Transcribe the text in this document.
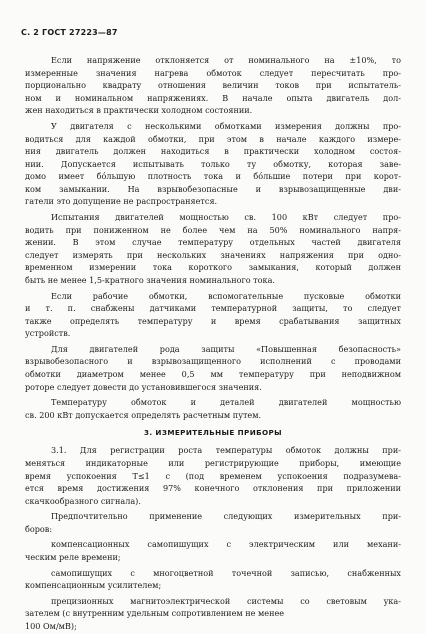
С. 2 ГОСТ 27223—87
Если напряжение отклоняется от номинального на ±10%, то
измеренные значения нагрева обмоток следует пересчитать про-
порционально квадрату отношения величин токов при испытатель-
ном и номинальном напряжениях. В начале опыта двигатель дол-
жен находиться в практически холодном состоянии.
У двигателя с несколькими обмотками измерения должны про-
водиться для каждой обмотки, при этом в начале каждого измере-
ния двигатель должен находиться в практически холодном состоя-
нии. Допускается испытывать только ту обмотку, которая заве-
домо имеет бóльшую плотность тока и бóльшие потери при корот-
ком замыкании. На взрывобезопасные и взрывозащищенные дви-
гатели это допущение не распространяется.
Испытания двигателей мощностью св. 100 кВт следует про-
водить при пониженном не более чем на 50% номинального напря-
жении. В этом случае температуру отдельных частей двигателя
следует измерять при нескольких значениях напряжения при одно-
временном измерении тока короткого замыкания, который должен
быть не менее 1,5-кратного значения номинального тока.
Если рабочие обмотки, вспомогательные пусковые обмотки
и т. п. снабжены датчиками температурной защиты, то следует
также определять температуру и время срабатывания защитных
устройств.
Для двигателей рода защиты «Повышенная безопасность»
взрывобезопасного и взрывозащищенного исполнений с проводами
обмотки диаметром менее 0,5 мм температуру при неподвижном
роторе следует довести до установившегося значения.
Температуру обмоток и деталей двигателей мощностью
св. 200 кВт допускается определять расчетным путем.
3. ИЗМЕРИТЕЛЬНЫЕ ПРИБОРЫ
3.1. Для регистрации роста температуры обмоток должны при-
меняться индикаторные или регистрирующие приборы, имеющие
время успокоения T≤1 с (под временем успокоения подразумева-
ется время достижения 97% конечного отклонения при приложении
скачкообразного сигнала).
Предпочтительно применение следующих измерительных при-
боров:
компенсационных самопишущих с электрическим или механи-
ческим реле времени;
самопишущих с многоцветной точечной записью, снабженных
компенсационным усилителем;
прецизионных магнитоэлектрической системы со световым ука-
зателем (с внутренним удельным сопротивлением не менее
100 Ом/мВ);
